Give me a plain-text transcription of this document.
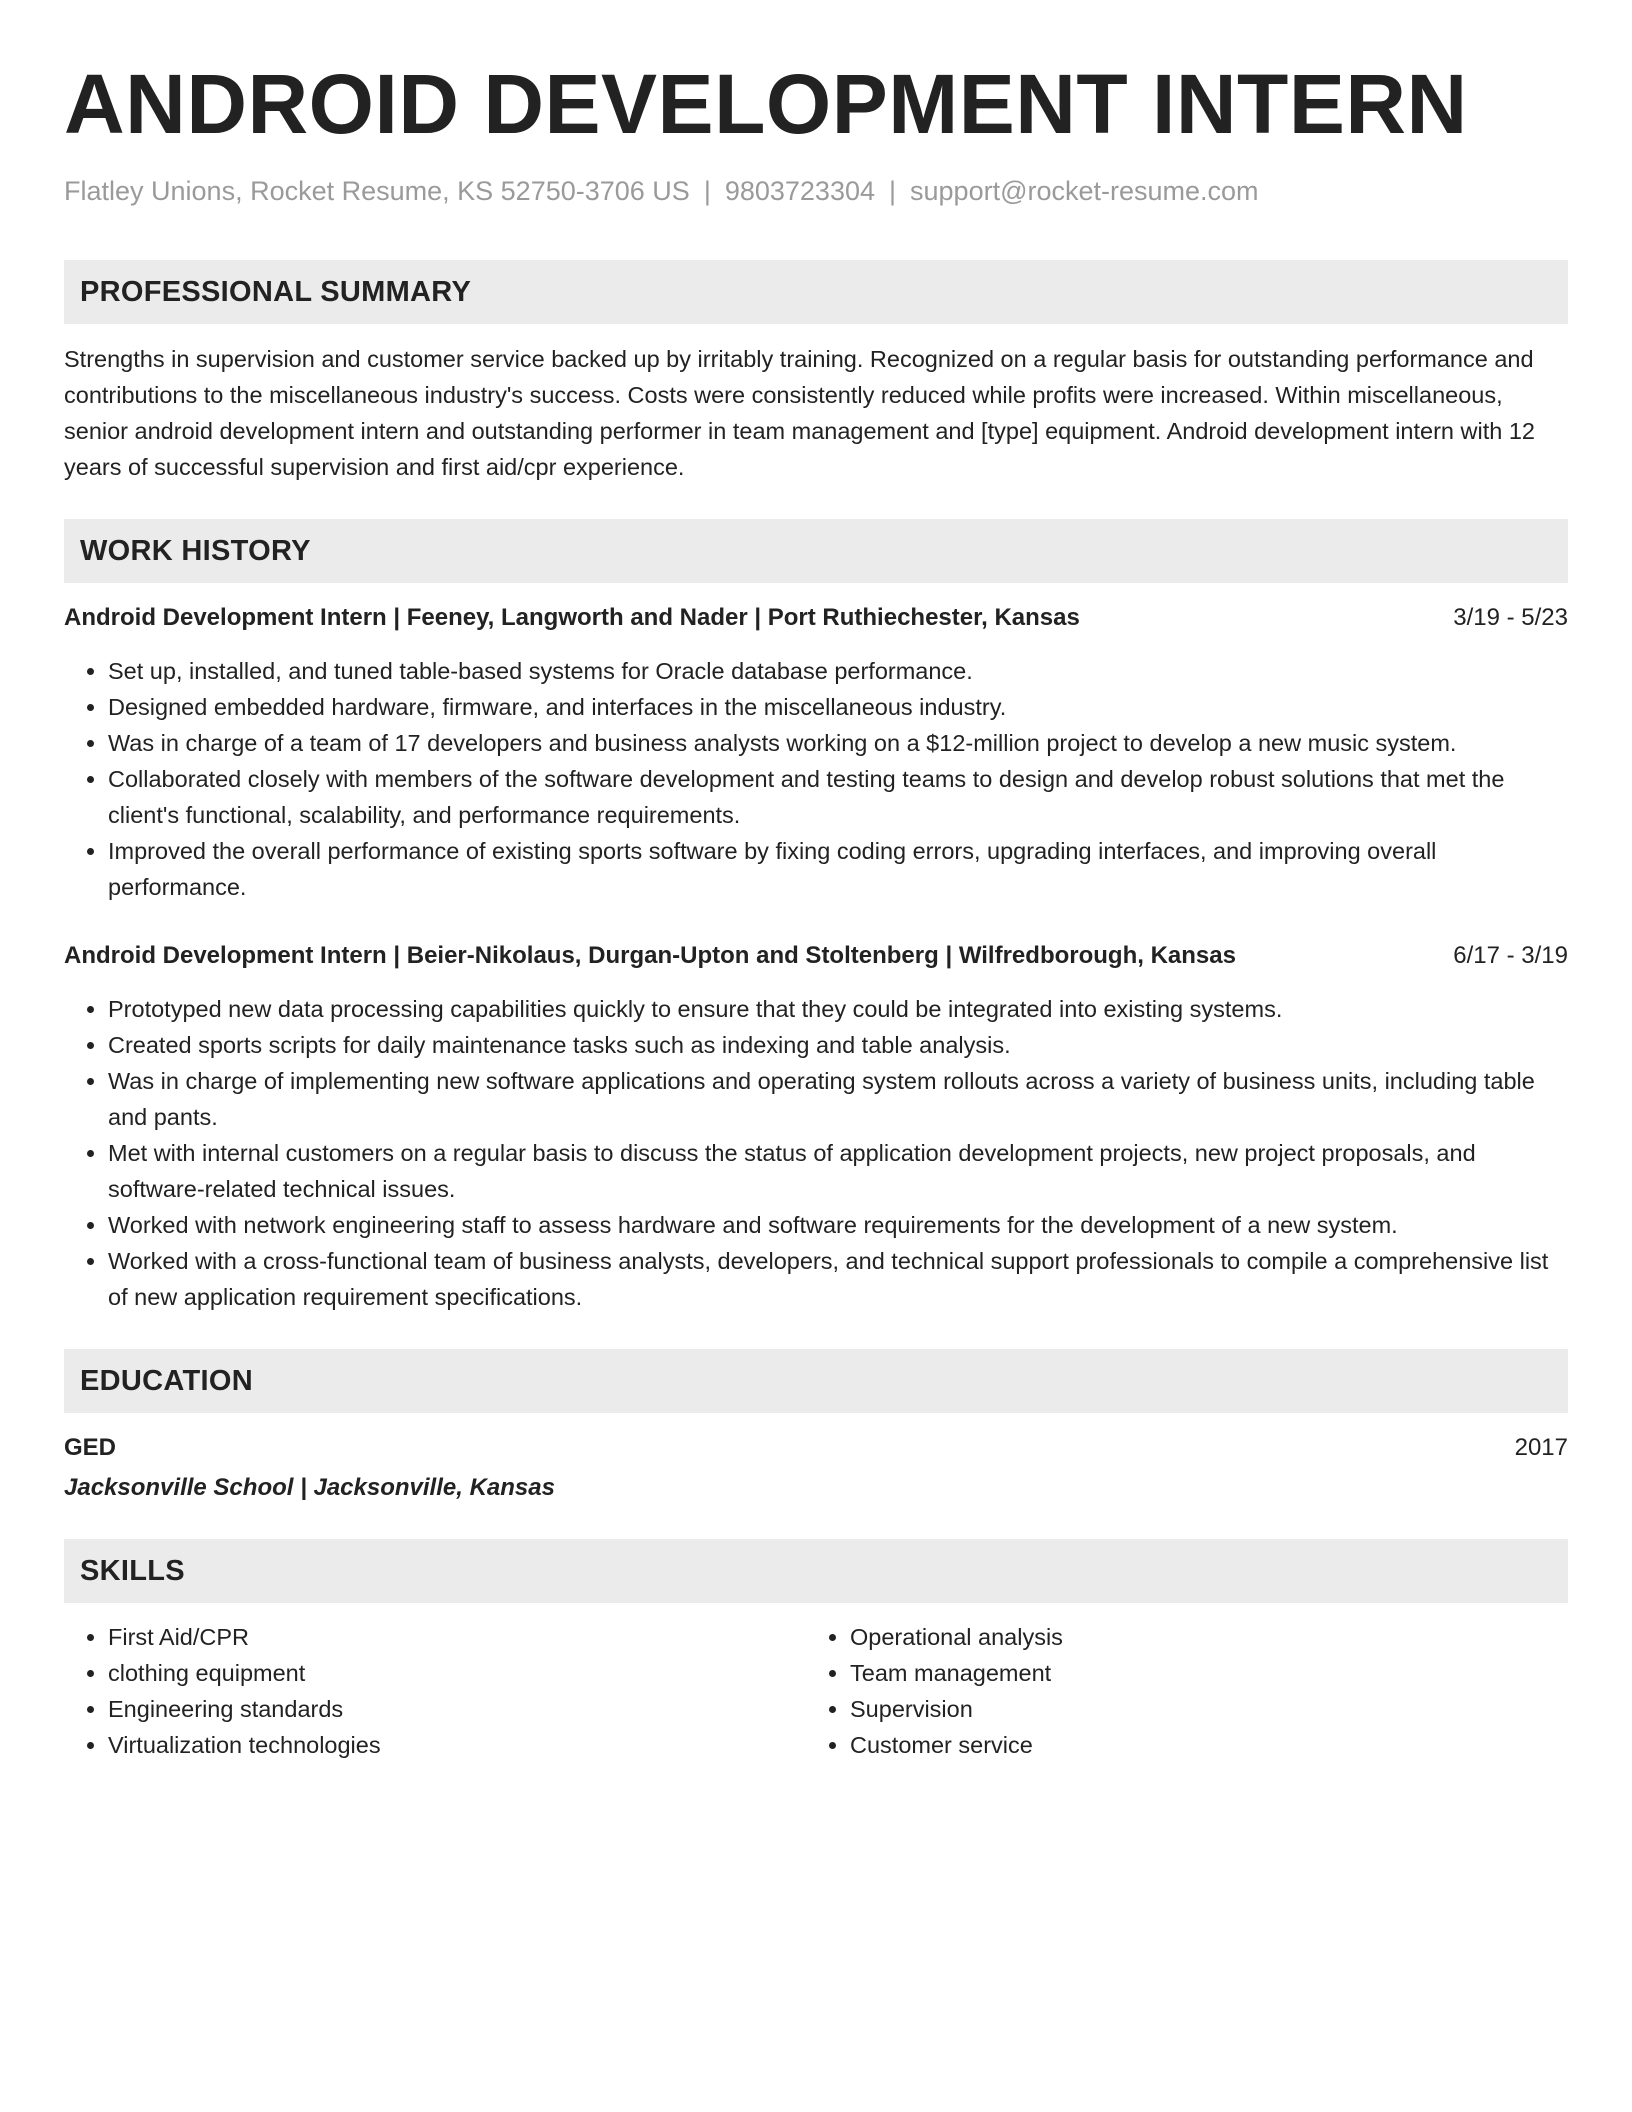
ANDROID DEVELOPMENT INTERN
Flatley Unions, Rocket Resume, KS 52750-3706 US | 9803723304 | support@rocket-resume.com
PROFESSIONAL SUMMARY
Strengths in supervision and customer service backed up by irritably training. Recognized on a regular basis for outstanding performance and contributions to the miscellaneous industry's success. Costs were consistently reduced while profits were increased. Within miscellaneous, senior android development intern and outstanding performer in team management and [type] equipment. Android development intern with 12 years of successful supervision and first aid/cpr experience.
WORK HISTORY
Android Development Intern | Feeney, Langworth and Nader | Port Ruthiechester, Kansas	3/19 - 5/23
• Set up, installed, and tuned table-based systems for Oracle database performance.
• Designed embedded hardware, firmware, and interfaces in the miscellaneous industry.
• Was in charge of a team of 17 developers and business analysts working on a $12-million project to develop a new music system.
• Collaborated closely with members of the software development and testing teams to design and develop robust solutions that met the client's functional, scalability, and performance requirements.
• Improved the overall performance of existing sports software by fixing coding errors, upgrading interfaces, and improving overall performance.
Android Development Intern | Beier-Nikolaus, Durgan-Upton and Stoltenberg | Wilfredborough, Kansas	6/17 - 3/19
• Prototyped new data processing capabilities quickly to ensure that they could be integrated into existing systems.
• Created sports scripts for daily maintenance tasks such as indexing and table analysis.
• Was in charge of implementing new software applications and operating system rollouts across a variety of business units, including table and pants.
• Met with internal customers on a regular basis to discuss the status of application development projects, new project proposals, and software-related technical issues.
• Worked with network engineering staff to assess hardware and software requirements for the development of a new system.
• Worked with a cross-functional team of business analysts, developers, and technical support professionals to compile a comprehensive list of new application requirement specifications.
EDUCATION
GED	2017
Jacksonville School | Jacksonville, Kansas
SKILLS
• First Aid/CPR
• clothing equipment
• Engineering standards
• Virtualization technologies
• Operational analysis
• Team management
• Supervision
• Customer service
